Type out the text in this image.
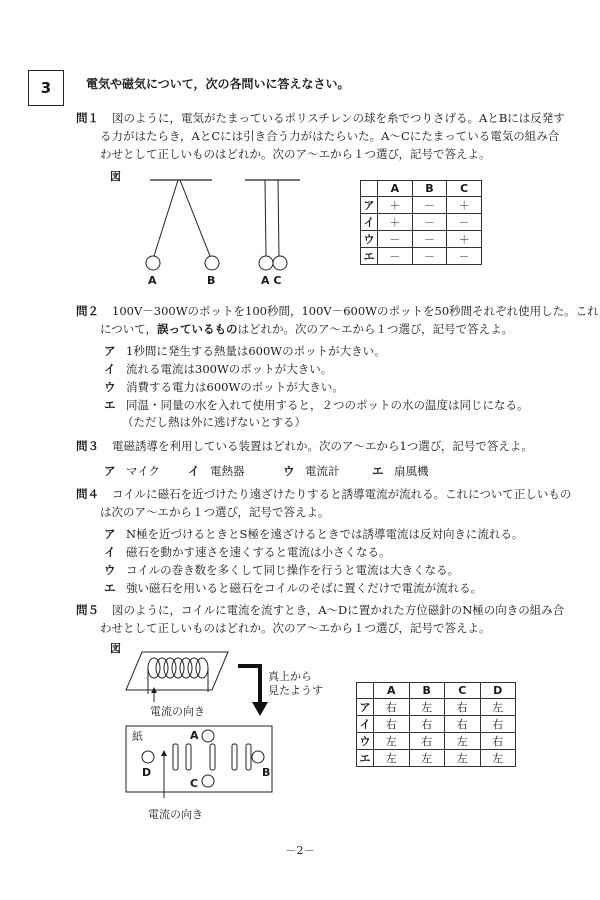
3	電気や磁気について，次の各問いに答えなさい。
問１ 図のように，電気がたまっているポリスチレンの球を糸でつりさげる。AとBには反発す
る力がはたらき，AとCには引き合う力がはたらいた。A～Cにたまっている電気の組み合
わせとして正しいものはどれか。次のア～エから１つ選び，記号で答えよ。
図
A	B	A C
	A	B	C
ア	＋	－	＋
イ	＋	－	－
ウ	－	－	＋
エ	－	－	－
問２ 100V－300Wのポットを100秒間，100V－600Wのポットを50秒間それぞれ使用した。これ
について，誤っているものはどれか。次のア～エから１つ選び，記号で答えよ。
ア 1秒間に発生する熱量は600Wのポットが大きい。
イ 流れる電流は300Wのポットが大きい。
ウ 消費する電力は600Wのポットが大きい。
エ 同温・同量の水を入れて使用すると，２つのポットの水の温度は同じになる。
（ただし熱は外に逃げないとする）
問３ 電磁誘導を利用している装置はどれか。次のア～エから1つ選び，記号で答えよ。
ア マイク イ 電熱器	ウ 電流計	エ 扇風機
問４ コイルに磁石を近づけたり遠ざけたりすると誘導電流が流れる。これについて正しいもの
は次のア～エから１つ選び，記号で答えよ。
ア N極を近づけるときとS極を遠ざけるときでは誘導電流は反対向きに流れる。
イ 磁石を動かす速さを速くすると電流は小さくなる。
ウ コイルの巻き数を多くして同じ操作を行うと電流は大きくなる。
エ 強い磁石を用いると磁石をコイルのそばに置くだけで電流が流れる。
問５ 図のように，コイルに電流を流すとき，A～Dに置かれた方位磁針のN極の向きの組み合
わせとして正しいものはどれか。次のア～エから１つ選び，記号で答えよ。
図
電流の向き
真上から
見たようす
紙	A
B
C
D
電流の向き
	A	B	C	D
ア	右	左	右	左
イ	右	右	右	右
ウ	左	右	左	右
エ	左	左	左	左
－2－
